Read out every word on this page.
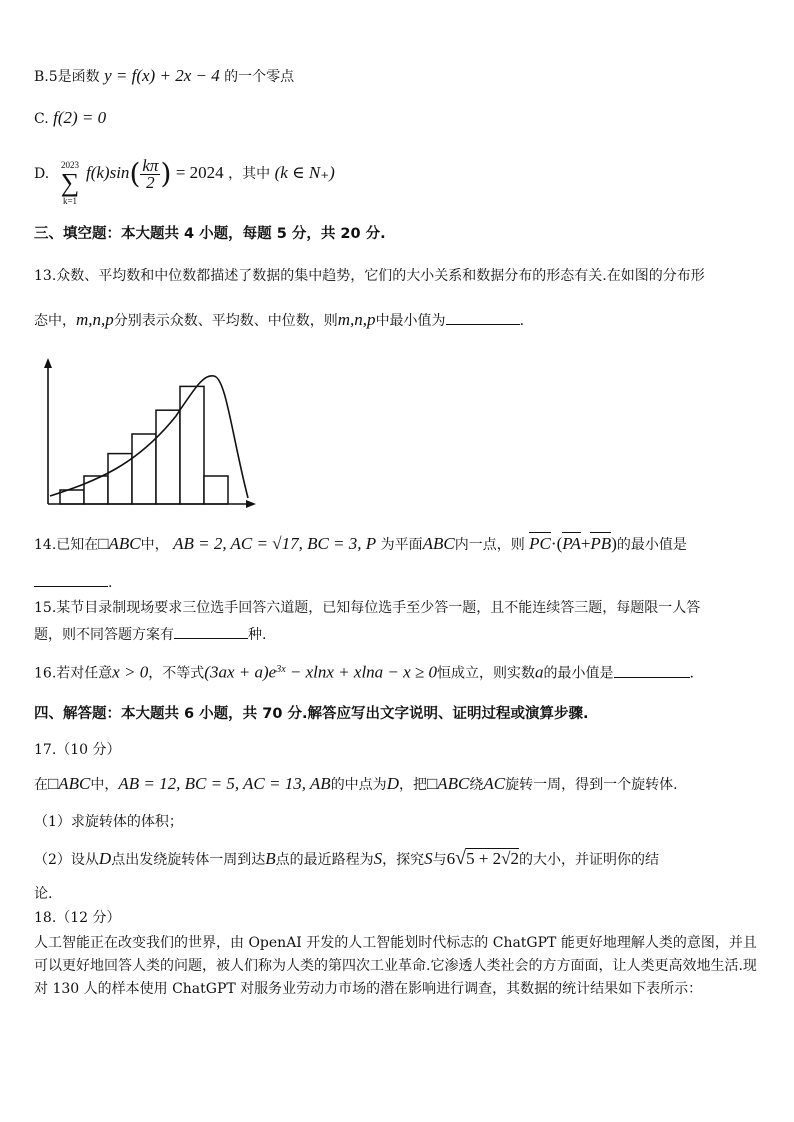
B.5是函数 y = f(x) + 2x − 4 的一个零点
C. f(2) = 0
D.
2023
∑
k=1
$f(k)\sin( \frac{k\pi}{2}$ ) = 2024 ，其中 (k ∈ N₊)
三、填空题：本大题共 4 小题，每题 5 分，共 20 分.
13.众数、平均数和中位数都描述了数据的集中趋势，它们的大小关系和数据分布的形态有关.在如图的分布形
态中，m,n,p分别表示众数、平均数、中位数，则m,n,p中最小值为	.
14.已知在□ABC中， AB = 2, AC = √17, BC = 3, P 为平面ABC内一点，则 PC·(PA+PB)的最小值是
.
15.某节目录制现场要求三位选手回答六道题，已知每位选手至少答一题，且不能连续答三题，每题限一人答
题，则不同答题方案有	种.
16.若对任意x > 0，不等式$(3ax + a)e^{3x} - xlnx + xlna - x \ge 0$恒成立，则实数a的最小值是	.
四、解答题：本大题共 6 小题，共 70 分.解答应写出文字说明、证明过程或演算步骤.
17.（10 分）
在□ABC中，AB = 12, BC = 5, AC = 13, AB的中点为D，把□ABC绕AC旋转一周，得到一个旋转体.
（1）求旋转体的体积；
（2）设从D点出发绕旋转体一周到达B点的最近路程为S，探究S与6√5 + 2√2的大小，并证明你的结
论.
18.（12 分）
人工智能正在改变我们的世界，由 OpenAI 开发的人工智能划时代标志的 ChatGPT 能更好地理解人类的意图，并且可以更好地回答人类的问题，被人们称为人类的第四次工业革命.它渗透人类社会的方方面面，让人类更高效地生活.现对 130 人的样本使用 ChatGPT 对服务业劳动力市场的潜在影响进行调查，其数据的统计结果如下表所示：
